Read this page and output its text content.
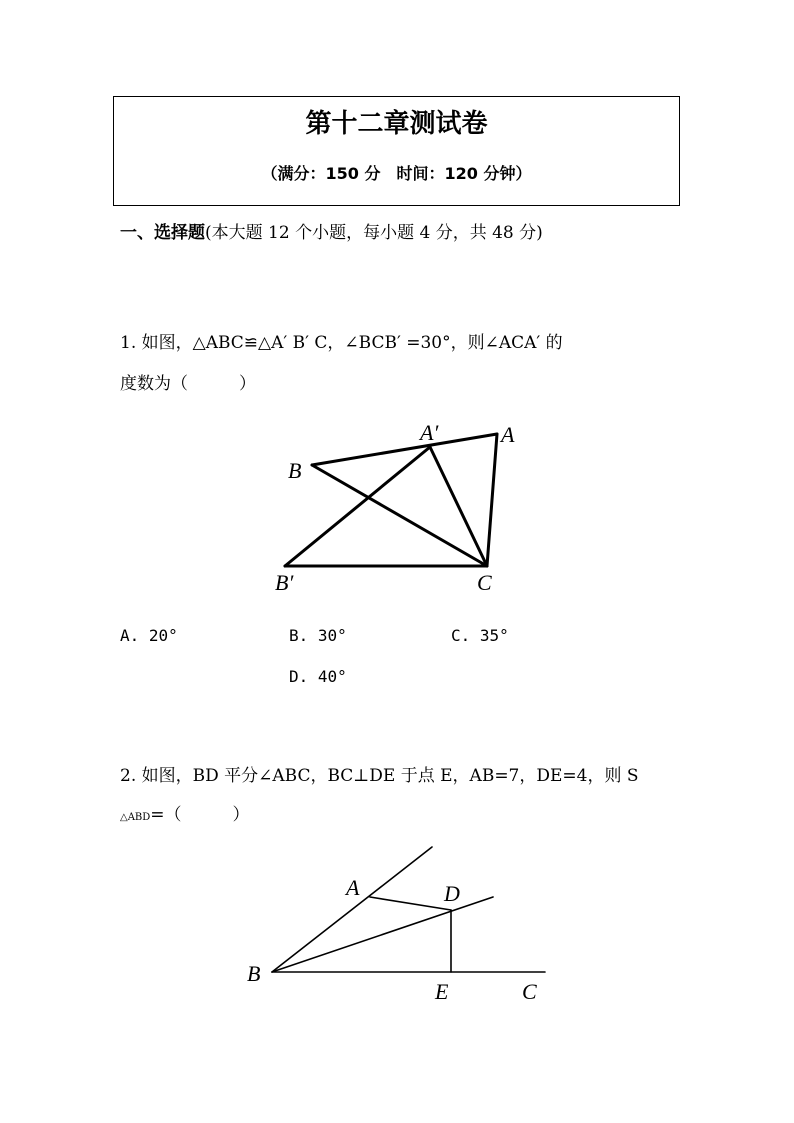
第十二章测试卷
（满分：150 分　时间：120 分钟）
一、选择题(本大题 12 个小题，每小题 4 分，共 48 分)
1. 如图，△ABC≌△A′ B′ C，∠BCB′ =30°，则∠ACA′ 的
度数为（　　　）
B
A′	A
B′	C
A	D
B
E	C
A. 20°	B. 30°	C. 35°
D. 40°
2. 如图，BD 平分∠ABC，BC⊥DE 于点 E，AB=7，DE=4，则 S
△ABD=（　　　）
